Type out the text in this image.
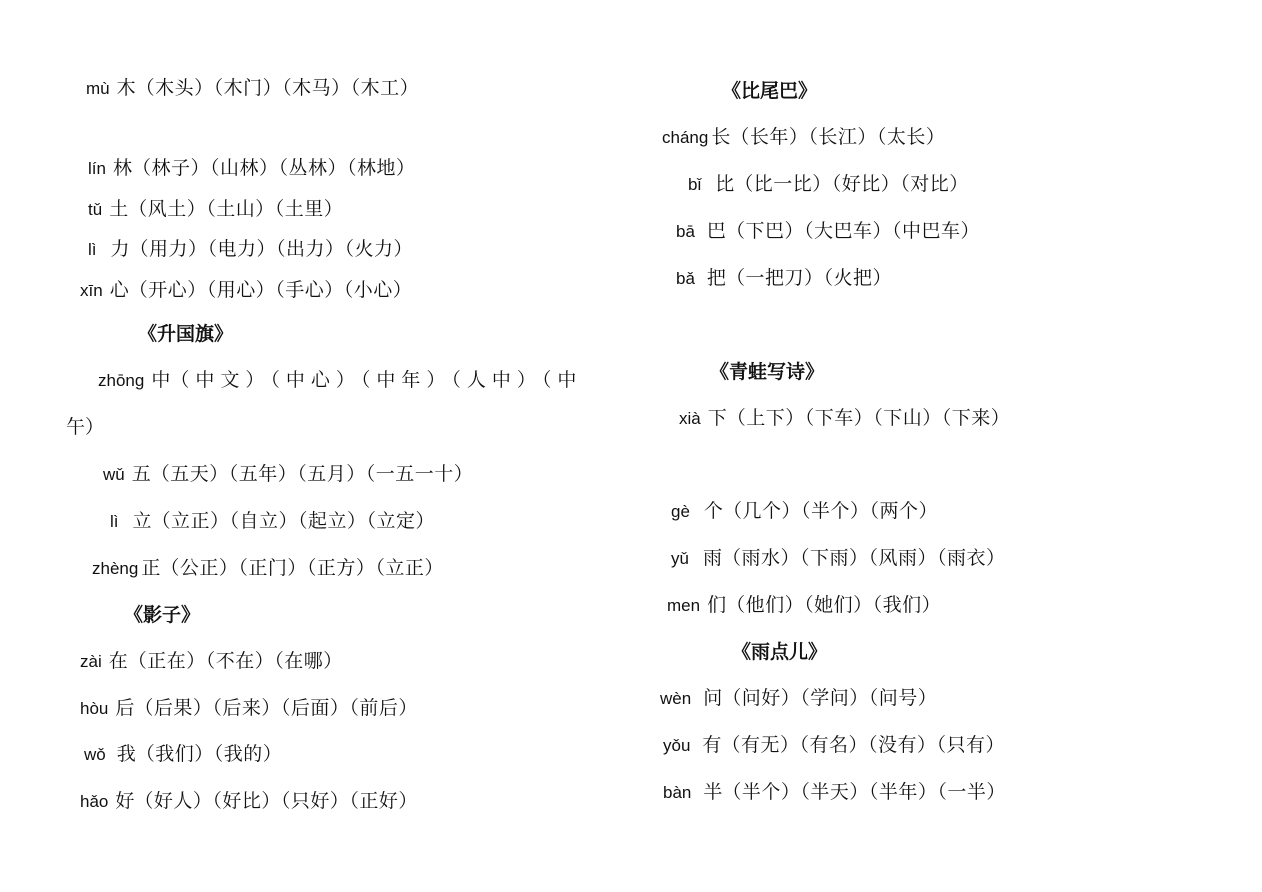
mù 木（木头）（木门）（木马）（木工）
lín 林（林子）（山林）（丛林）（林地）
tǔ 土（风土）（土山）（土里）
lì 力（用力）（电力）（出力）（火力）
xīn 心（开心）（用心）（手心）（小心）
《升国旗》
zhōng 中（中文）（中心）（中年）（人中）（中
午）
wǔ 五（五天）（五年）（五月）（一五一十）
lì 立（立正）（自立）（起立）（立定）
zhèng 正（公正）（正门）（正方）（立正）
《影子》
zài 在（正在）（不在）（在哪）
hòu 后（后果）（后来）（后面）（前后）
wǒ 我（我们）（我的）
hǎo 好（好人）（好比）（只好）（正好）
《比尾巴》
cháng 长（长年）（长江）（太长）
bǐ 比（比一比）（好比）（对比）
bā 巴（下巴）（大巴车）（中巴车）
bǎ 把（一把刀）（火把）
《青蛙写诗》
xià 下（上下）（下车）（下山）（下来）
gè 个（几个）（半个）（两个）
yǔ 雨（雨水）（下雨）（风雨）（雨衣）
men 们（他们）（她们）（我们）
《雨点儿》
wèn 问（问好）（学问）（问号）
yǒu 有（有无）（有名）（没有）（只有）
bàn 半（半个）（半天）（半年）（一半）
